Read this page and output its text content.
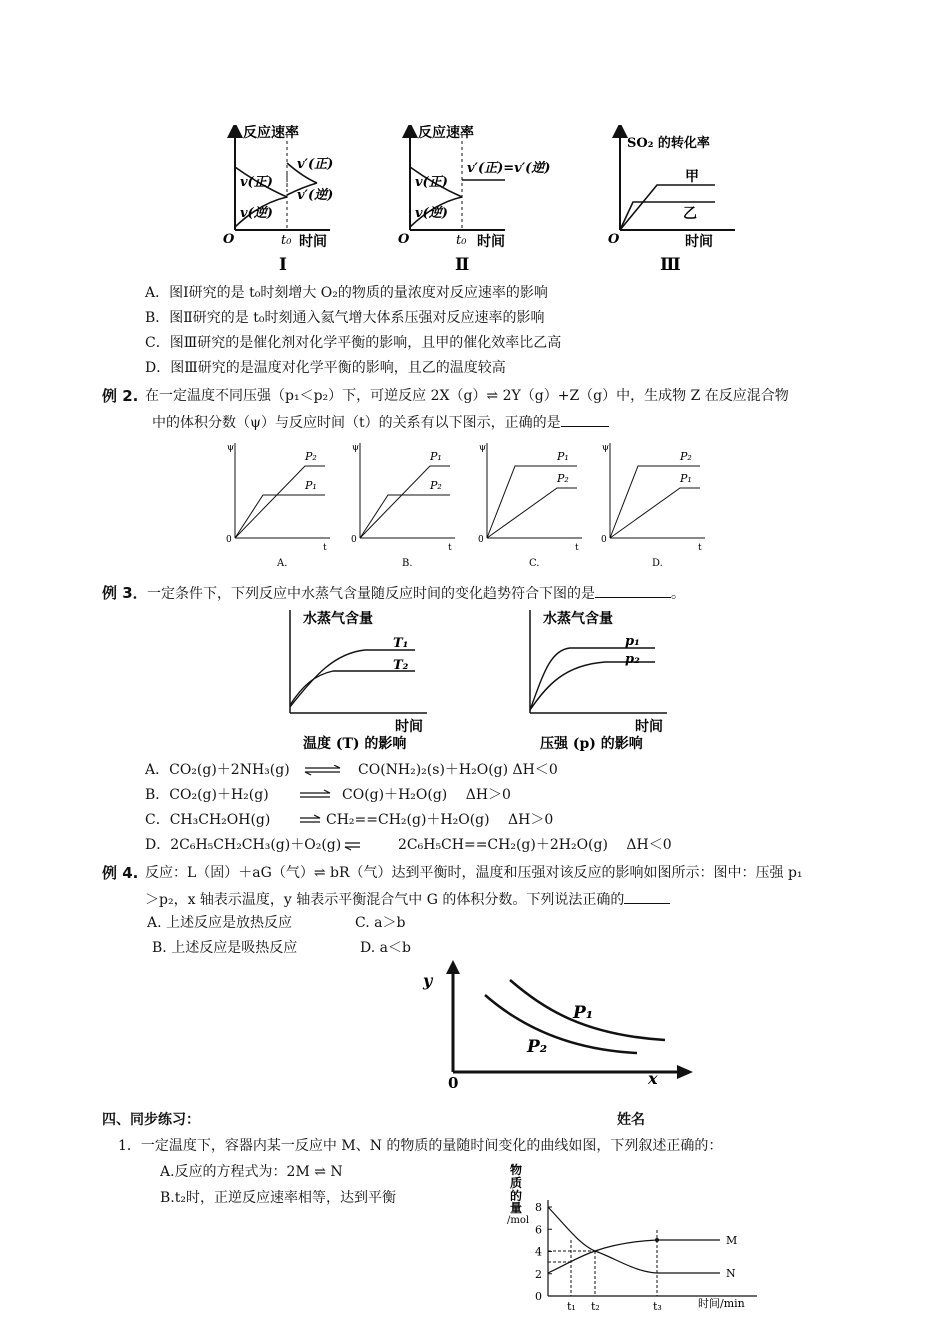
反应速率
v′(正)
v′(逆)
v(正)
v(逆)
O	t₀ 时间
Ⅰ
反应速率
v′(正)=v′(逆)
v(正)
v(逆)
O	t₀ 时间
Ⅱ
SO₂ 的转化率
甲
乙
O	时间
Ⅲ
A．图Ⅰ研究的是 t₀时刻增大 O₂的物质的量浓度对反应速率的影响
B．图Ⅱ研究的是 t₀时刻通入氦气增大体系压强对反应速率的影响
C．图Ⅲ研究的是催化剂对化学平衡的影响，且甲的催化效率比乙高
D．图Ⅲ研究的是温度对化学平衡的影响，且乙的温度较高
例 2. 在一定温度不同压强（p₁＜p₂）下，可逆反应 2X（g）⇌ 2Y（g）+Z（g）中，生成物 Z 在反应混合物
中的体积分数（ψ）与反应时间（t）的关系有以下图示，正确的是
P₂
P₁
ψ
0
t
A.
P₁
P₂
ψ
0
t
B.
P₁
P₂
ψ
0
t
C.
P₂
P₁
ψ
0
t
D.
例 3． 一定条件下，下列反应中水蒸气含量随反应时间的变化趋势符合下图的是	。
水蒸气含量
T₁
T₂
时间
温度 (T) 的影响
水蒸气含量
p₁
p₂
时间
压强 (p) 的影响
A．CO₂(g)＋2NH₃(g)	CO(NH₂)₂(s)＋H₂O(g) ΔH＜0
B．CO₂(g)＋H₂(g)	CO(g)＋H₂O(g)　 ΔH＞0
C．CH₃CH₂OH(g)	CH₂==CH₂(g)＋H₂O(g)　 ΔH＞0
D．2C₆H₅CH₂CH₃(g)＋O₂(g)	2C₆H₅CH==CH₂(g)＋2H₂O(g)　 ΔH＜0
例 4. 反应：L（固）＋aG（气）⇌ bR（气）达到平衡时，温度和压强对该反应的影响如图所示：图中：压强 p₁
＞p₂，x 轴表示温度，y 轴表示平衡混合气中 G 的体积分数。下列说法正确的
A. 上述反应是放热反应	C. a＞b
B. 上述反应是吸热反应	D. a＜b
y
x
0
P₁
P₂
四、同步练习：	姓名
1．一定温度下，容器内某一反应中 M、N 的物质的量随时间变化的曲线如图，下列叙述正确的：
A.反应的方程式为：2M ⇌ N
B.t₂时，正逆反应速率相等，达到平衡
物
质
的
量
/mol
8
6
4
2
0
M
N
t₁ t₂	t₃	时间/min
